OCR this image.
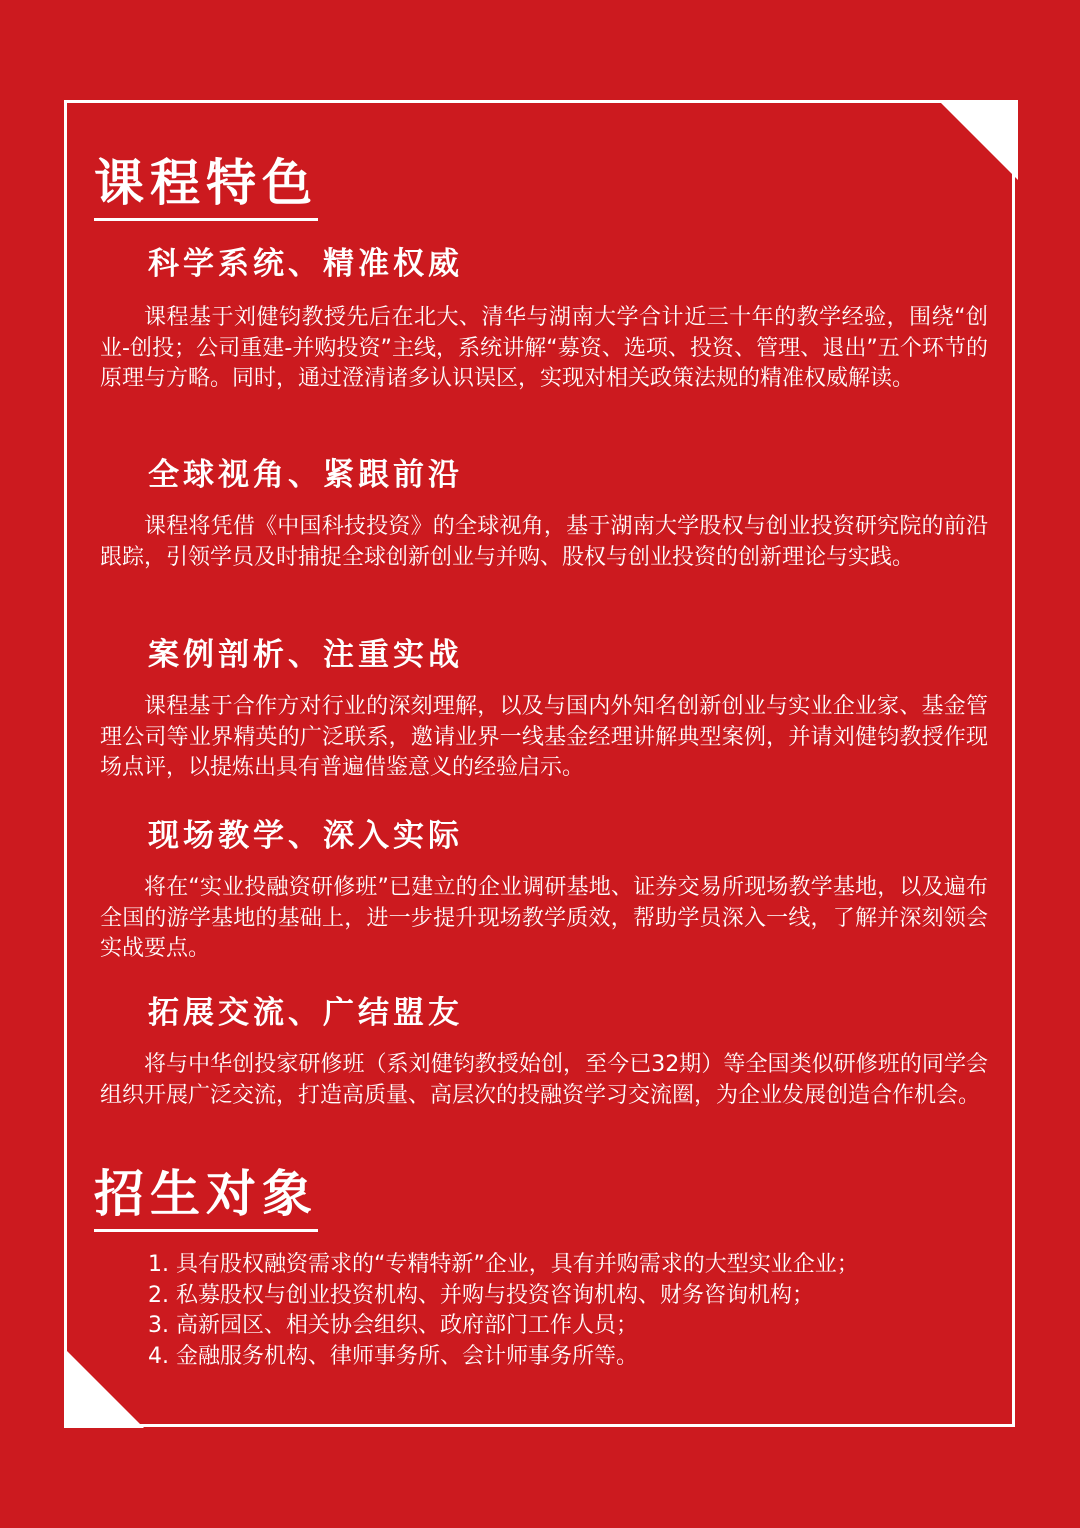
课程特色
科学系统、精准权威

课程基于刘健钧教授先后在北大、清华与湖南大学合计近三十年的教学经验，围绕“创业-创投；公司重建-并购投资”主线，系统讲解“募资、选项、投资、管理、退出”五个环节的原理与方略。同时，通过澄清诸多认识误区，实现对相关政策法规的精准权威解读。

全球视角、紧跟前沿

课程将凭借《中国科技投资》的全球视角，基于湖南大学股权与创业投资研究院的前沿跟踪，引领学员及时捕捉全球创新创业与并购、股权与创业投资的创新理论与实践。

案例剖析、注重实战

课程基于合作方对行业的深刻理解，以及与国内外知名创新创业与实业企业家、基金管理公司等业界精英的广泛联系，邀请业界一线基金经理讲解典型案例，并请刘健钧教授作现场点评，以提炼出具有普遍借鉴意义的经验启示。

现场教学、深入实际

将在“实业投融资研修班”已建立的企业调研基地、证券交易所现场教学基地，以及遍布全国的游学基地的基础上，进一步提升现场教学质效，帮助学员深入一线，了解并深刻领会实战要点。

拓展交流、广结盟友

将与中华创投家研修班（系刘健钧教授始创，至今已32期）等全国类似研修班的同学会组织开展广泛交流，打造高质量、高层次的投融资学习交流圈，为企业发展创造合作机会。

招生对象
1. 具有股权融资需求的“专精特新”企业，具有并购需求的大型实业企业；
2. 私募股权与创业投资机构、并购与投资咨询机构、财务咨询机构；
3. 高新园区、相关协会组织、政府部门工作人员；
4. 金融服务机构、律师事务所、会计师事务所等。
